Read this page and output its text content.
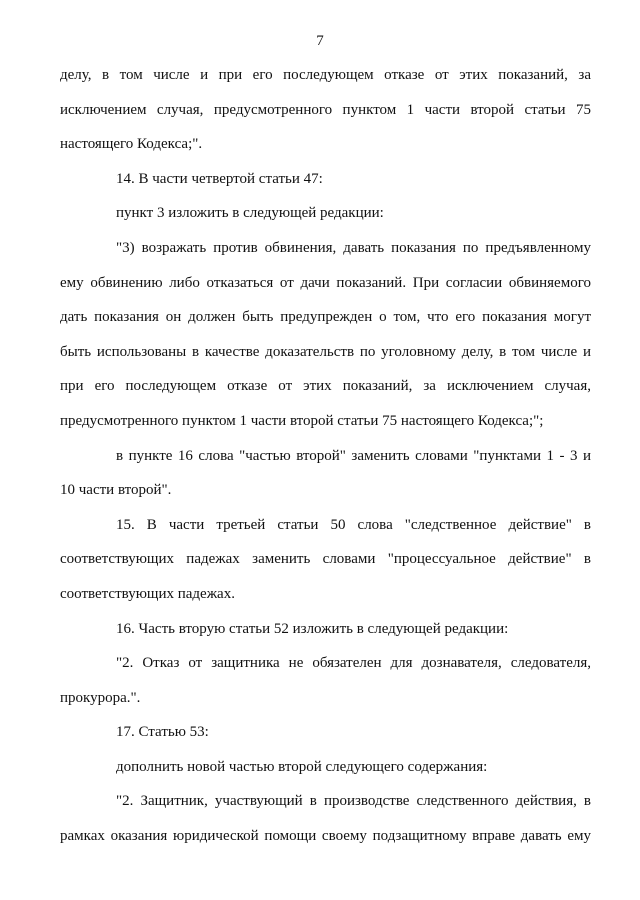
7
делу, в том числе и при его последующем отказе от этих показаний, за
исключением случая, предусмотренного пунктом 1 части второй статьи 75
настоящего Кодекса;".
14. В части четвертой статьи 47:
пункт 3 изложить в следующей редакции:
"3) возражать против обвинения, давать показания по предъявленному
ему обвинению либо отказаться от дачи показаний. При согласии обвиняемого
дать показания он должен быть предупрежден о том, что его показания могут
быть использованы в качестве доказательств по уголовному делу, в том числе и
при его последующем отказе от этих показаний, за исключением случая,
предусмотренного пунктом 1 части второй статьи 75 настоящего Кодекса;";
в пункте 16 слова "частью второй" заменить словами "пунктами 1 - 3 и
10 части второй".
15. В части третьей статьи 50 слова "следственное действие" в
соответствующих падежах заменить словами "процессуальное действие" в
соответствующих падежах.
16. Часть вторую статьи 52 изложить в следующей редакции:
"2. Отказ от защитника не обязателен для дознавателя, следователя,
прокурора.".
17. Статью 53:
дополнить новой частью второй следующего содержания:
"2. Защитник, участвующий в производстве следственного действия, в
рамках оказания юридической помощи своему подзащитному вправе давать ему
